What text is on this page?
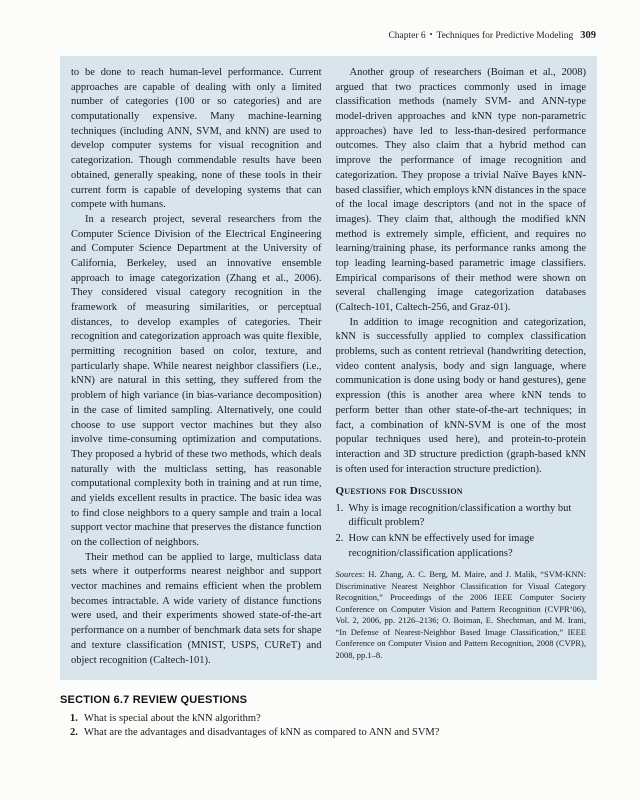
Chapter 6 • Techniques for Predictive Modeling 309

to be done to reach human-level performance. Current approaches are capable of dealing with only a limited number of categories (100 or so categories) and are computationally expensive. Many machine-learning techniques (including ANN, SVM, and kNN) are used to develop computer systems for visual recognition and categorization. Though commendable results have been obtained, generally speaking, none of these tools in their current form is capable of developing systems that can compete with humans.

In a research project, several researchers from the Computer Science Division of the Electrical Engineering and Computer Science Department at the University of California, Berkeley, used an innovative ensemble approach to image categorization (Zhang et al., 2006). They considered visual category recognition in the framework of measuring similarities, or perceptual distances, to develop examples of categories. Their recognition and categorization approach was quite flexible, permitting recognition based on color, texture, and particularly shape. While nearest neighbor classifiers (i.e., kNN) are natural in this setting, they suffered from the problem of high variance (in bias-variance decomposition) in the case of limited sampling. Alternatively, one could choose to use support vector machines but they also involve time-consuming optimization and computations. They proposed a hybrid of these two methods, which deals naturally with the multiclass setting, has reasonable computational complexity both in training and at run time, and yields excellent results in practice. The basic idea was to find close neighbors to a query sample and train a local support vector machine that preserves the distance function on the collection of neighbors.

Their method can be applied to large, multiclass data sets where it outperforms nearest neighbor and support vector machines and remains efficient when the problem becomes intractable. A wide variety of distance functions were used, and their experiments showed state-of-the-art performance on a number of benchmark data sets for shape and texture classification (MNIST, USPS, CUReT) and object recognition (Caltech-101).

Another group of researchers (Boiman et al., 2008) argued that two practices commonly used in image classification methods (namely SVM- and ANN-type model-driven approaches and kNN type non-parametric approaches) have led to less-than-desired performance outcomes. They also claim that a hybrid method can improve the performance of image recognition and categorization. They propose a trivial Naïve Bayes kNN-based classifier, which employs kNN distances in the space of the local image descriptors (and not in the space of images). They claim that, although the modified kNN method is extremely simple, efficient, and requires no learning/training phase, its performance ranks among the top leading learning-based parametric image classifiers. Empirical comparisons of their method were shown on several challenging image categorization databases (Caltech-101, Caltech-256, and Graz-01).

In addition to image recognition and categorization, kNN is successfully applied to complex classification problems, such as content retrieval (handwriting detection, video content analysis, body and sign language, where communication is done using body or hand gestures), gene expression (this is another area where kNN tends to perform better than other state-of-the-art techniques; in fact, a combination of kNN-SVM is one of the most popular techniques used here), and protein-to-protein interaction and 3D structure prediction (graph-based kNN is often used for interaction structure prediction).

Questions for Discussion
1. Why is image recognition/classification a worthy but difficult problem?
2. How can kNN be effectively used for image recognition/classification applications?

Sources: H. Zhang, A. C. Berg, M. Maire, and J. Malik, “SVM-KNN: Discriminative Nearest Neighbor Classification for Visual Category Recognition,” Proceedings of the 2006 IEEE Computer Society Conference on Computer Vision and Pattern Recognition (CVPR’06), Vol. 2, 2006, pp. 2126–2136; O. Boiman, E. Shechtman, and M. Irani, “In Defense of Nearest-Neighbor Based Image Classification,” IEEE Conference on Computer Vision and Pattern Recognition, 2008 (CVPR), 2008, pp.1–8.

SECTION 6.7 REVIEW QUESTIONS
1. What is special about the kNN algorithm?
2. What are the advantages and disadvantages of kNN as compared to ANN and SVM?
